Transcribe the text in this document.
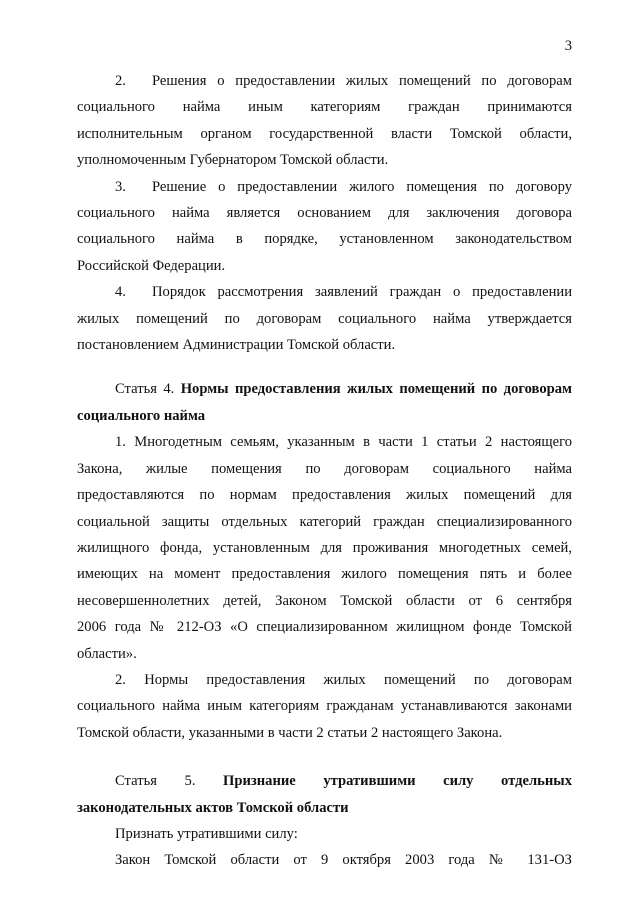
3

2. Решения о предоставлении жилых помещений по договорам

социального найма иным категориям граждан принимаются

исполнительным органом государственной власти Томской области,

уполномоченным Губернатором Томской области.

3. Решение о предоставлении жилого помещения по договору

социального найма является основанием для заключения договора

социального найма в порядке, установленном законодательством

Российской Федерации.

4. Порядок рассмотрения заявлений граждан о предоставлении

жилых помещений по договорам социального найма утверждается

постановлением Администрации Томской области.

Статья 4. Нормы предоставления жилых помещений по договорам

социального найма

1. Многодетным семьям, указанным в части 1 статьи 2 настоящего

Закона, жилые помещения по договорам социального найма

предоставляются по нормам предоставления жилых помещений для

социальной защиты отдельных категорий граждан специализированного

жилищного фонда, установленным для проживания многодетных семей,

имеющих на момент предоставления жилого помещения пять и более

несовершеннолетних детей, Законом Томской области от 6 сентября

2006 года № 212-ОЗ «О специализированном жилищном фонде Томской

области».

2. Нормы предоставления жилых помещений по договорам

социального найма иным категориям гражданам устанавливаются законами

Томской области, указанными в части 2 статьи 2 настоящего Закона.

Статья 5. Признание утратившими силу отдельных

законодательных актов Томской области

Признать утратившими силу:

Закон Томской области от 9 октября 2003 года № 131-ОЗ
